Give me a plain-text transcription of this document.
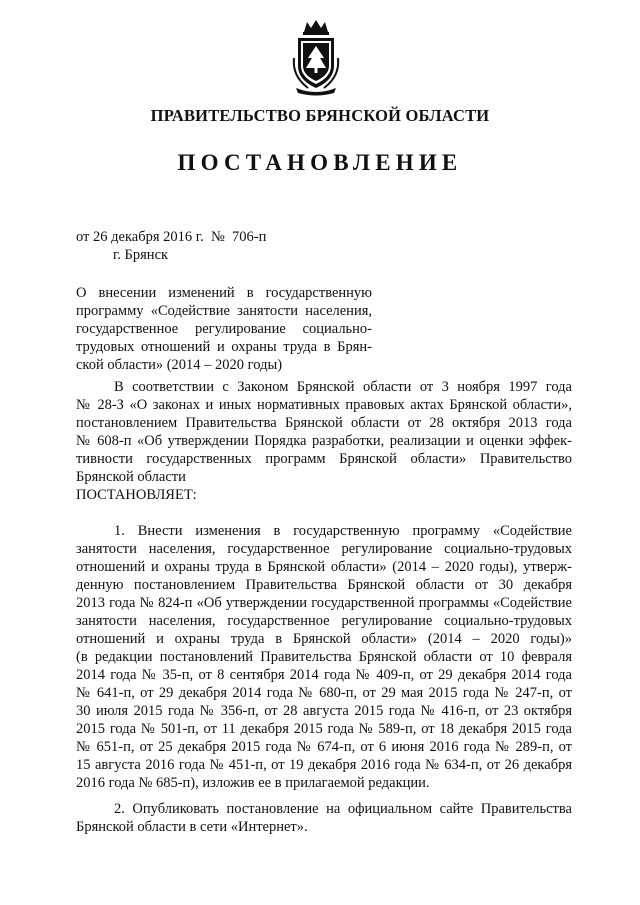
ПРАВИТЕЛЬСТВО БРЯНСКОЙ ОБЛАСТИ
ПОСТАНОВЛЕНИЕ
от 26 декабря 2016 г.  №  706-п
г. Брянск

О внесении изменений в государственную
программу «Содействие занятости населения,
государственное регулирование социально-
трудовых отношений и охраны труда в Брян-
ской области» (2014 – 2020 годы)

В соответствии с Законом Брянской области от 3 ноября 1997 года
№ 28-З «О законах и иных нормативных правовых актах Брянской области»,
постановлением Правительства Брянской области от 28 октября 2013 года
№ 608-п «Об утверждении Порядка разработки, реализации и оценки эффек-
тивности государственных программ Брянской области» Правительство
Брянской области
ПОСТАНОВЛЯЕТ:

1. Внести изменения в государственную программу «Содействие
занятости населения, государственное регулирование социально-трудовых
отношений и охраны труда в Брянской области» (2014 – 2020 годы), утверж-
денную постановлением Правительства Брянской области от 30 декабря
2013 года № 824-п «Об утверждении государственной программы «Содействие
занятости населения, государственное регулирование социально-трудовых
отношений и охраны труда в Брянской области» (2014 – 2020 годы)»
(в редакции постановлений Правительства Брянской области от 10 февраля
2014 года № 35-п, от 8 сентября 2014 года № 409-п, от 29 декабря 2014 года
№ 641-п, от 29 декабря 2014 года № 680-п, от 29 мая 2015 года № 247-п, от
30 июля 2015 года № 356-п, от 28 августа 2015 года № 416-п, от 23 октября
2015 года № 501-п, от 11 декабря 2015 года № 589-п, от 18 декабря 2015 года
№ 651-п, от 25 декабря 2015 года № 674-п, от 6 июня 2016 года № 289-п, от
15 августа 2016 года № 451-п, от 19 декабря 2016 года № 634-п, от 26 декабря
2016 года № 685-п), изложив ее в прилагаемой редакции.

2. Опубликовать постановление на официальном сайте Правительства
Брянской области в сети «Интернет».
